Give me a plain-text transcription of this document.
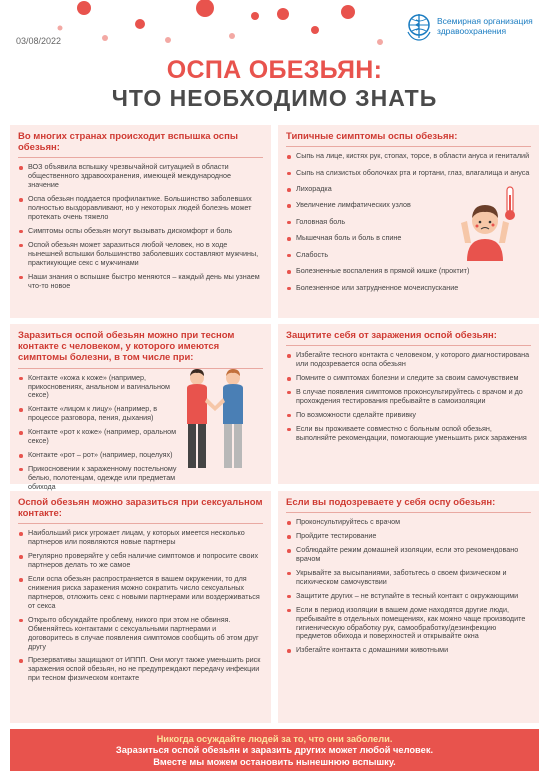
03/08/2022
Всемирная организация здравоохранения
ОСПА ОБЕЗЬЯН:
ЧТО НЕОБХОДИМО ЗНАТЬ
Во многих странах происходит вспышка оспы обезьян:
ВОЗ объявила вспышку чрезвычайной ситуацией в области общественного здравоохранения, имеющей международное значение
Оспа обезьян поддается профилактике. Большинство заболевших полностью выздоравливают, но у некоторых людей болезнь может протекать очень тяжело
Симптомы оспы обезьян могут вызывать дискомфорт и боль
Оспой обезьян может заразиться любой человек, но в ходе нынешней вспышки большинство заболевших составляют мужчины, практикующие секс с мужчинами
Наши знания о вспышке быстро меняются – каждый день мы узнаем что-то новое
Типичные симптомы оспы обезьян:
Сыпь на лице, кистях рук, стопах, торсе, в области ануса и гениталий
Сыпь на слизистых оболочках рта и гортани, глаз, влагалища и ануса
Лихорадка
Увеличение лимфатических узлов
Головная боль
Мышечная боль и боль в спине
Слабость
Болезненные воспаления в прямой кишке (проктит)
Болезненное или затрудненное мочеиспускание
Заразиться оспой обезьян можно при тесном контакте с человеком, у которого имеются симптомы болезни, в том числе при:
Контакте «кожа к коже» (например, прикосновениях, анальном и вагинальном сексе)
Контакте «лицом к лицу» (например, в процессе разговора, пения, дыхания)
Контакте «рот к коже» (например, оральном сексе)
Контакте «рот – рот» (например, поцелуях)
Прикосновении к зараженному постельному белью, полотенцам, одежде или предметам обихода
Защитите себя от заражения оспой обезьян:
Избегайте тесного контакта с человеком, у которого диагностирована или подозревается оспа обезьян
Помните о симптомах болезни и следите за своим самочувствием
В случае появления симптомов проконсультируйтесь с врачом и до прохождения тестирования пребывайте в самоизоляции
По возможности сделайте прививку
Если вы проживаете совместно с больным оспой обезьян, выполняйте рекомендации, помогающие уменьшить риск заражения
Оспой обезьян можно заразиться при сексуальном контакте:
Наибольший риск угрожает лицам, у которых имеется несколько партнеров или появляются новые партнеры
Регулярно проверяйте у себя наличие симптомов и попросите своих партнеров делать то же самое
Если оспа обезьян распространяется в вашем окружении, то для снижения риска заражения можно сократить число сексуальных партнеров, отложить секс с новыми партнерами или воздерживаться от секса
Открыто обсуждайте проблему, никого при этом не обвиняя. Обменяйтесь контактами с сексуальными партнерами и договоритесь в случае появления симптомов сообщить об этом друг другу
Презервативы защищают от ИППП. Они могут также уменьшить риск заражения оспой обезьян, но не предупреждают передачу инфекции при тесном физическом контакте
Если вы подозреваете у себя оспу обезьян:
Проконсультируйтесь с врачом
Пройдите тестирование
Соблюдайте режим домашней изоляции, если это рекомендовано врачом
Укрывайте за высыпаниями, заботьтесь о своем физическом и психическом самочувствии
Защитите других – не вступайте в тесный контакт с окружающими
Если в период изоляции в вашем доме находятся другие люди, пребывайте в отдельных помещениях, как можно чаще производите гигиеническую обработку рук, самообработку/дезинфекцию предметов обихода и поверхностей и открывайте окна
Избегайте контакта с домашними животными
Никогда осуждайте людей за то, что они заболели.
Заразиться оспой обезьян и заразить других может любой человек.
Вместе мы можем остановить нынешнюю вспышку.
